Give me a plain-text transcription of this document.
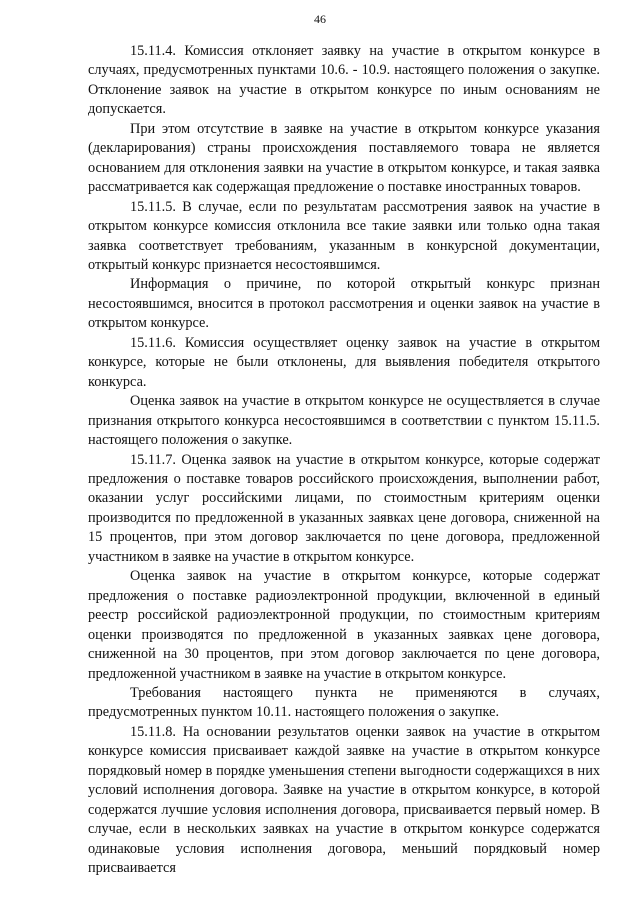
46

15.11.4. Комиссия отклоняет заявку на участие в открытом конкурсе в случаях, предусмотренных пунктами 10.6. - 10.9. настоящего положения о закупке. Отклонение заявок на участие в открытом конкурсе по иным основаниям не допускается.

При этом отсутствие в заявке на участие в открытом конкурсе указания (декларирования) страны происхождения поставляемого товара не является основанием для отклонения заявки на участие в открытом конкурсе, и такая заявка рассматривается как содержащая предложение о поставке иностранных товаров.

15.11.5. В случае, если по результатам рассмотрения заявок на участие в открытом конкурсе комиссия отклонила все такие заявки или только одна такая заявка соответствует требованиям, указанным в конкурсной документации, открытый конкурс признается несостоявшимся.

Информация о причине, по которой открытый конкурс признан несостоявшимся, вносится в протокол рассмотрения и оценки заявок на участие в открытом конкурсе.

15.11.6. Комиссия осуществляет оценку заявок на участие в открытом конкурсе, которые не были отклонены, для выявления победителя открытого конкурса.

Оценка заявок на участие в открытом конкурсе не осуществляется в случае признания открытого конкурса несостоявшимся в соответствии с пунктом 15.11.5. настоящего положения о закупке.

15.11.7. Оценка заявок на участие в открытом конкурсе, которые содержат предложения о поставке товаров российского происхождения, выполнении работ, оказании услуг российскими лицами, по стоимостным критериям оценки производится по предложенной в указанных заявках цене договора, сниженной на 15 процентов, при этом договор заключается по цене договора, предложенной участником в заявке на участие в открытом конкурсе.

Оценка заявок на участие в открытом конкурсе, которые содержат предложения о поставке радиоэлектронной продукции, включенной в единый реестр российской радиоэлектронной продукции, по стоимостным критериям оценки производятся по предложенной в указанных заявках цене договора, сниженной на 30 процентов, при этом договор заключается по цене договора, предложенной участником в заявке на участие в открытом конкурсе.

Требования настоящего пункта не применяются в случаях, предусмотренных пунктом 10.11. настоящего положения о закупке.

15.11.8. На основании результатов оценки заявок на участие в открытом конкурсе комиссия присваивает каждой заявке на участие в открытом конкурсе порядковый номер в порядке уменьшения степени выгодности содержащихся в них условий исполнения договора. Заявке на участие в открытом конкурсе, в которой содержатся лучшие условия исполнения договора, присваивается первый номер. В случае, если в нескольких заявках на участие в открытом конкурсе содержатся одинаковые условия исполнения договора, меньший порядковый номер присваивается
